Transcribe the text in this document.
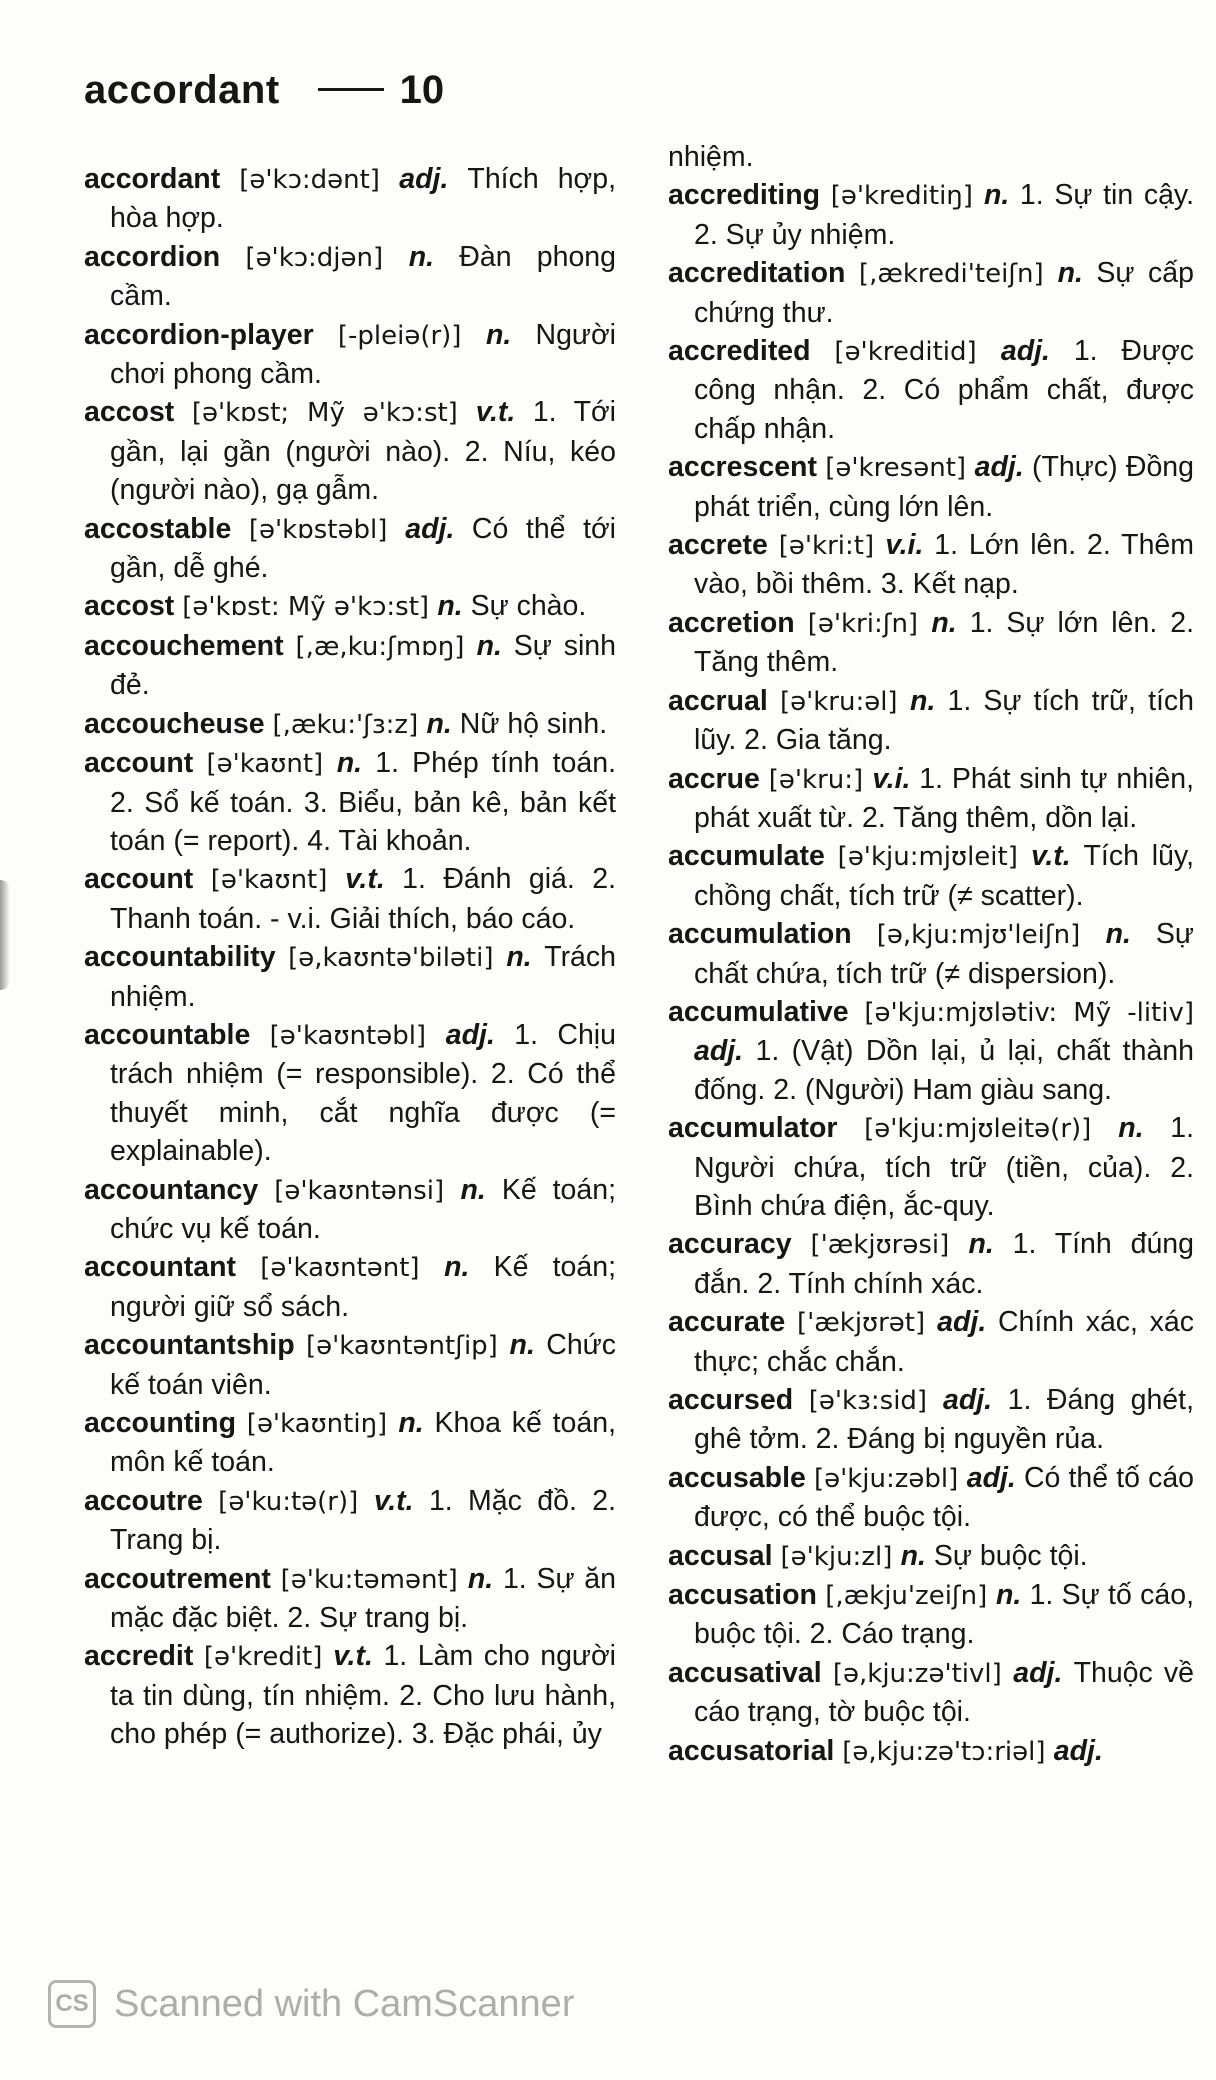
accordant	10

accordant [ə'kɔ:dənt] adj. Thích hợp, hòa hợp.

accordion [ə'kɔ:djən] n. Đàn phong cầm.

accordion-player [-pleiə(r)] n. Người chơi phong cầm.

accost [ə'kɒst; Mỹ ə'kɔ:st] v.t. 1. Tới gần, lại gần (người nào). 2. Níu, kéo (người nào), gạ gẫm.

accostable [ə'kɒstəbl] adj. Có thể tới gần, dễ ghé.

accost [ə'kɒst: Mỹ ə'kɔ:st] n. Sự chào.

accouchement [,æ,ku:ʃmɒŋ] n. Sự sinh đẻ.

accoucheuse [,æku:'ʃɜ:z] n. Nữ hộ sinh.

account [ə'kaʊnt] n. 1. Phép tính toán. 2. Sổ kế toán. 3. Biểu, bản kê, bản kết toán (= report). 4. Tài khoản.

account [ə'kaʊnt] v.t. 1. Đánh giá. 2. Thanh toán. - v.i. Giải thích, báo cáo.

accountability [ə,kaʊntə'biləti] n. Trách nhiệm.

accountable [ə'kaʊntəbl] adj. 1. Chịu trách nhiệm (= responsible). 2. Có thể thuyết minh, cắt nghĩa được (= explainable).

accountancy [ə'kaʊntənsi] n. Kế toán; chức vụ kế toán.

accountant [ə'kaʊntənt] n. Kế toán; người giữ sổ sách.

accountantship [ə'kaʊntəntʃip] n. Chức kế toán viên.

accounting [ə'kaʊntiŋ] n. Khoa kế toán, môn kế toán.

accoutre [ə'ku:tə(r)] v.t. 1. Mặc đồ. 2. Trang bị.

accoutrement [ə'ku:təmənt] n. 1. Sự ăn mặc đặc biệt. 2. Sự trang bị.

accredit [ə'kredit] v.t. 1. Làm cho người ta tin dùng, tín nhiệm. 2. Cho lưu hành, cho phép (= authorize). 3. Đặc phái, ủy

nhiệm.

accrediting [ə'kreditiŋ] n. 1. Sự tin cậy. 2. Sự ủy nhiệm.

accreditation [,ækredi'teiʃn] n. Sự cấp chứng thư.

accredited [ə'kreditid] adj. 1. Được công nhận. 2. Có phẩm chất, được chấp nhận.

accrescent [ə'kresənt] adj. (Thực) Đồng phát triển, cùng lớn lên.

accrete [ə'kri:t] v.i. 1. Lớn lên. 2. Thêm vào, bồi thêm. 3. Kết nạp.

accretion [ə'kri:ʃn] n. 1. Sự lớn lên. 2. Tăng thêm.

accrual [ə'kru:əl] n. 1. Sự tích trữ, tích lũy. 2. Gia tăng.

accrue [ə'kru:] v.i. 1. Phát sinh tự nhiên, phát xuất từ. 2. Tăng thêm, dồn lại.

accumulate [ə'kju:mjʊleit] v.t. Tích lũy, chồng chất, tích trữ (≠ scatter).

accumulation [ə,kju:mjʊ'leiʃn] n. Sự chất chứa, tích trữ (≠ dispersion).

accumulative [ə'kju:mjʊlətiv: Mỹ -litiv]adj. 1. (Vật) Dồn lại, ủ lại, chất thành đống. 2. (Người) Ham giàu sang.

accumulator [ə'kju:mjʊleitə(r)] n. 1. Người chứa, tích trữ (tiền, của). 2. Bình chứa điện, ắc-quy.

accuracy ['ækjʊrəsi] n. 1. Tính đúng đắn. 2. Tính chính xác.

accurate ['ækjʊrət] adj. Chính xác, xác thực; chắc chắn.

accursed [ə'kɜ:sid] adj. 1. Đáng ghét, ghê tởm. 2. Đáng bị nguyền rủa.

accusable [ə'kju:zəbl] adj. Có thể tố cáo được, có thể buộc tội.

accusal [ə'kju:zl] n. Sự buộc tội.

accusation [,ækju'zeiʃn] n. 1. Sự tố cáo, buộc tội. 2. Cáo trạng.

accusatival [ə,kju:zə'tivl] adj. Thuộc về cáo trạng, tờ buộc tội.

accusatorial [ə,kju:zə'tɔ:riəl] adj.

CS Scanned with CamScanner
